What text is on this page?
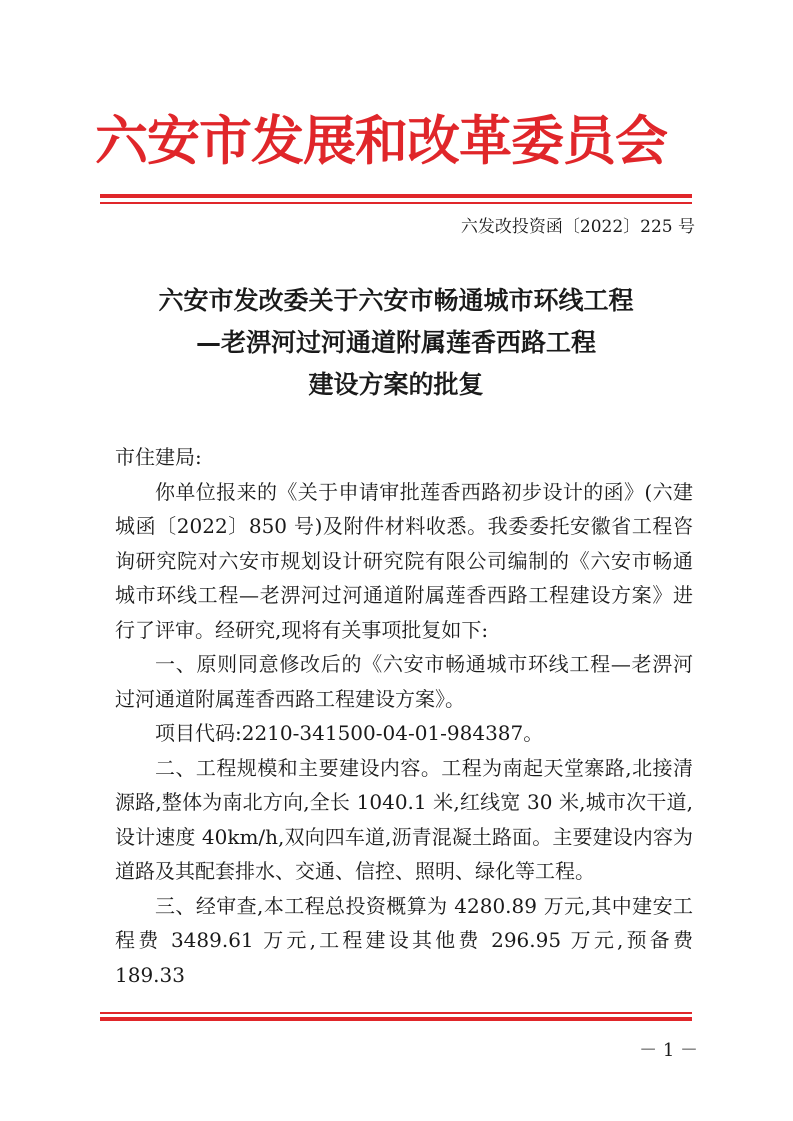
六安市发展和改革委员会
六发改投资函〔2022〕225 号
六安市发改委关于六安市畅通城市环线工程
—老淠河过河通道附属莲香西路工程
建设方案的批复

市住建局:

你单位报来的《关于申请审批莲香西路初步设计的函》(六建城函〔2022〕850 号)及附件材料收悉。我委委托安徽省工程咨询研究院对六安市规划设计研究院有限公司编制的《六安市畅通城市环线工程—老淠河过河通道附属莲香西路工程建设方案》进行了评审。经研究,现将有关事项批复如下:

一、原则同意修改后的《六安市畅通城市环线工程—老淠河过河通道附属莲香西路工程建设方案》。

项目代码:2210-341500-04-01-984387。

二、工程规模和主要建设内容。工程为南起天堂寨路,北接清源路,整体为南北方向,全长 1040.1 米,红线宽 30 米,城市次干道,设计速度 40km/h,双向四车道,沥青混凝土路面。主要建设内容为道路及其配套排水、交通、信控、照明、绿化等工程。

三、经审查,本工程总投资概算为 4280.89 万元,其中建安工程费 3489.61 万元,工程建设其他费 296.95 万元,预备费 189.33

－ 1 －
